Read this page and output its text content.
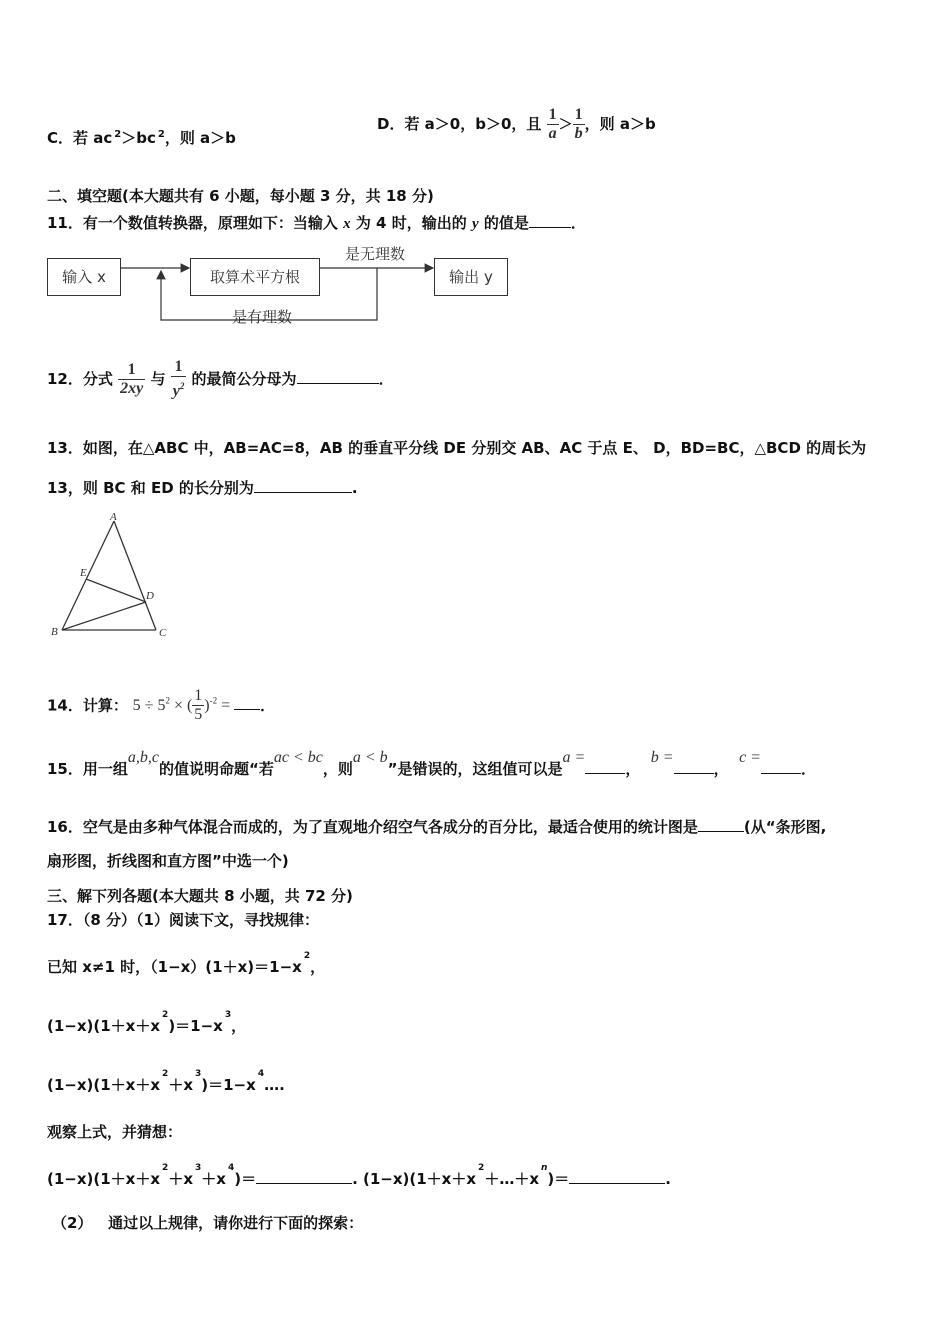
C．若 ac $^2$＞bc $^2$，则 a＞b
D．若 a＞0，b＞0，且 $\frac{1}{a} > \frac{1}{b}$ ，则 a＞b
二、填空题(本大题共有 6 小题，每小题 3 分，共 18 分)
11．有一个数值转换器，原理如下：当输入 x 为 4 时，输出的 y 的值是	．
输入 x	取算术平方根	输出 y
是无理数
是有理数
12．分式 $\frac{1}{2xy}$ 与 $\frac{1}{y^2}$ 的最简公分母为	．
13．如图，在△ABC 中，AB=AC=8，AB 的垂直平分线 DE 分别交 AB、AC 于点 E、 D，BD=BC，△BCD 的周长为
13，则 BC 和 ED 的长分别为	.
A
B	C
D
E
14．计算： $5 \div 5^2$ × ( $\frac{1}{5} )^{-2}$ = ．
15．用一组a,b,c的值说明命题“若ac < bc，则a < b”是错误的，这组值可以是a =，  b =，  c =．
16．空气是由多种气体混合而成的，为了直观地介绍空气各成分的百分比，最适合使用的统计图是	(从“条形图,
扇形图，折线图和直方图”中选一个)
三、解下列各题(本大题共 8 小题，共 72 分)
17．（8 分）（1）阅读下文，寻找规律：
已知 x≠1 时，$(1-x)(1+x)=1-x^2$，
$(1-x)(1+x+x^2)=1-x^3$，
$(1-x)(1+x+x^2+x^3)=1-x^4\dots$.
观察上式，并猜想：
$(1-x)(1+x+x^2+x^3+x^4)=$	. $(1-x)(1+x+x^2+\dots+x^n)=$	.
（2） 通过以上规律，请你进行下面的探索：
